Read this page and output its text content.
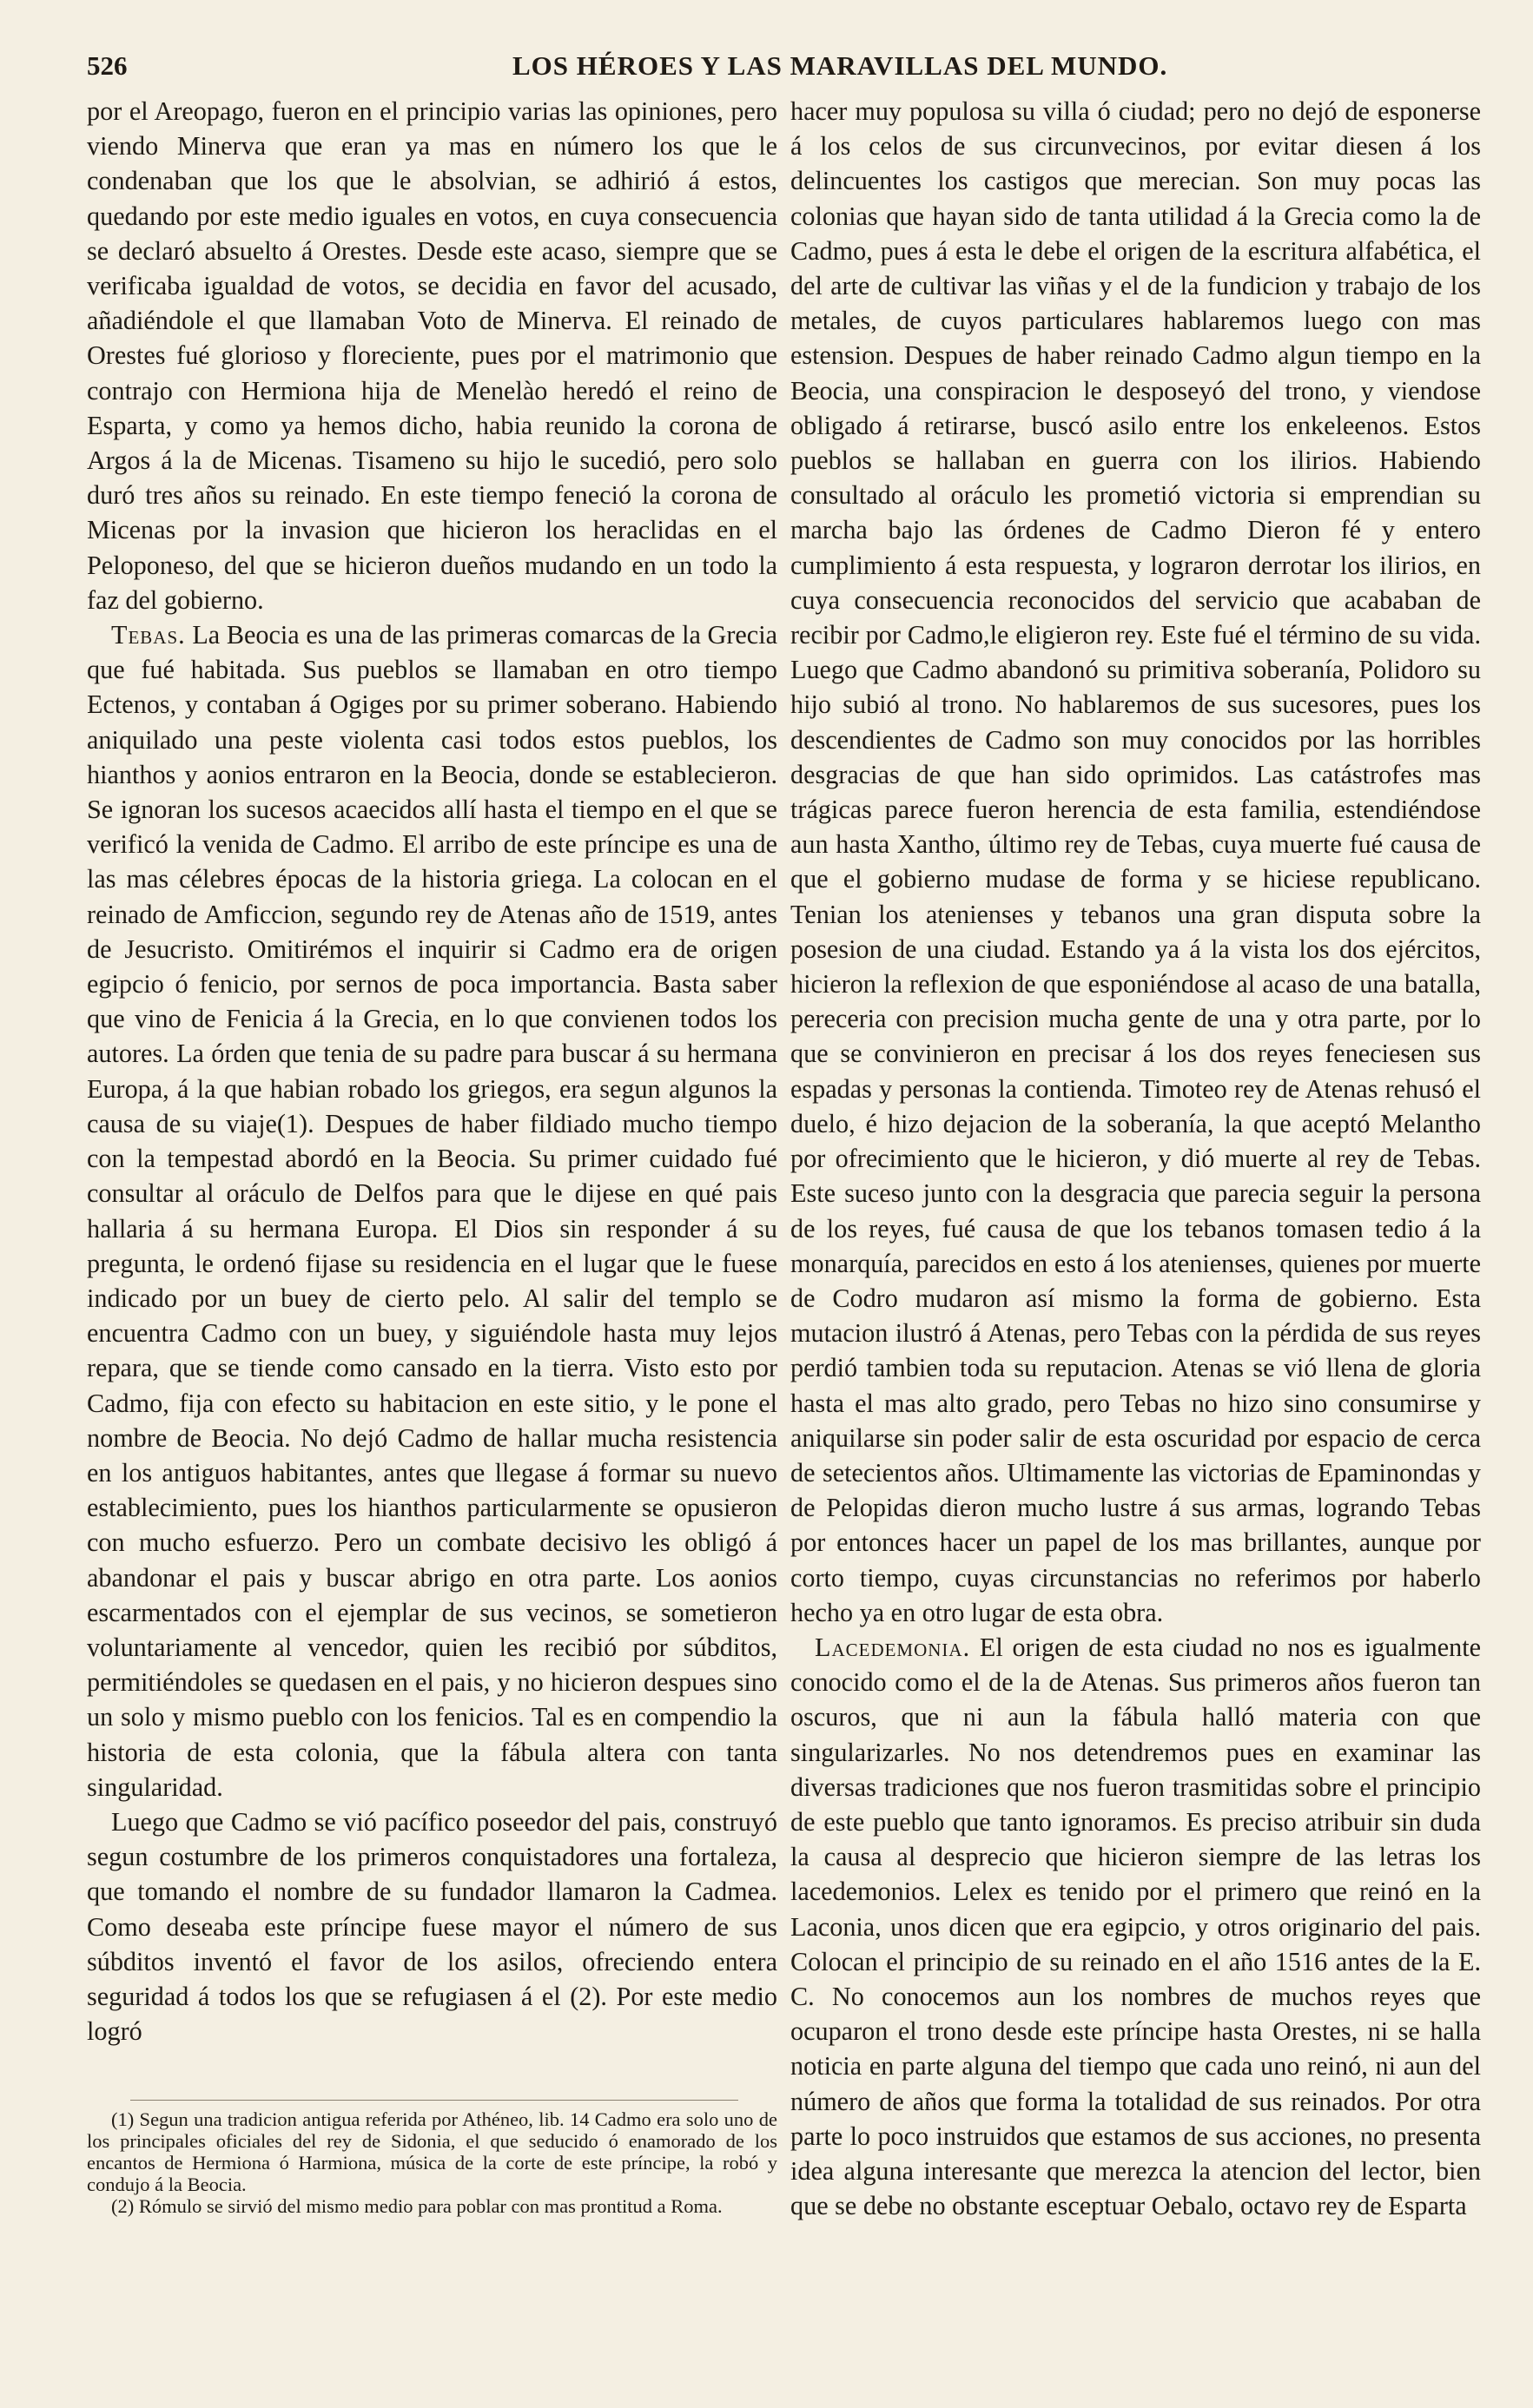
526	LOS HÉROES Y LAS MARAVILLAS DEL MUNDO.

por el Areopago, fueron en el principio varias las opiniones, pero viendo Minerva que eran ya mas en número los que le condenaban que los que le absolvian, se adhirió á estos, quedando por este medio iguales en votos, en cuya consecuencia se declaró absuelto á Orestes. Desde este acaso, siempre que se verificaba igualdad de votos, se decidia en favor del acusado, añadiéndole el que llamaban Voto de Minerva. El reinado de Orestes fué glorioso y floreciente, pues por el matrimonio que contrajo con Hermiona hija de Menelào heredó el reino de Esparta, y como ya hemos dicho, habia reunido la corona de Argos á la de Micenas. Tisameno su hijo le sucedió, pero solo duró tres años su reinado. En este tiempo feneció la corona de Micenas por la invasion que hicieron los heraclidas en el Peloponeso, del que se hicieron dueños mudando en un todo la faz del gobierno.

Tebas. La Beocia es una de las primeras comarcas de la Grecia que fué habitada. Sus pueblos se llamaban en otro tiempo Ectenos, y contaban á Ogiges por su primer soberano. Habiendo aniquilado una peste violenta casi todos estos pueblos, los hianthos y aonios entraron en la Beocia, donde se establecieron. Se ignoran los sucesos acaecidos allí hasta el tiempo en el que se verificó la venida de Cadmo. El arribo de este príncipe es una de las mas célebres épocas de la historia griega. La colocan en el reinado de Amficcion, segundo rey de Atenas año de 1519, antes de Jesucristo. Omitirémos el inquirir si Cadmo era de origen egipcio ó fenicio, por sernos de poca importancia. Basta saber que vino de Fenicia á la Grecia, en lo que convienen todos los autores. La órden que tenia de su padre para buscar á su hermana Europa, á la que habian robado los griegos, era segun algunos la causa de su viaje(1). Despues de haber fildiado mucho tiempo con la tempestad abordó en la Beocia. Su primer cuidado fué consultar al oráculo de Delfos para que le dijese en qué pais hallaria á su hermana Europa. El Dios sin responder á su pregunta, le ordenó fijase su residencia en el lugar que le fuese indicado por un buey de cierto pelo. Al salir del templo se encuentra Cadmo con un buey, y siguiéndole hasta muy lejos repara, que se tiende como cansado en la tierra. Visto esto por Cadmo, fija con efecto su habitacion en este sitio, y le pone el nombre de Beocia. No dejó Cadmo de hallar mucha resistencia en los antiguos habitantes, antes que llegase á formar su nuevo establecimiento, pues los hianthos particularmente se opusieron con mucho esfuerzo. Pero un combate decisivo les obligó á abandonar el pais y buscar abrigo en otra parte. Los aonios escarmentados con el ejemplar de sus vecinos, se sometieron voluntariamente al vencedor, quien les recibió por súbditos, permitiéndoles se quedasen en el pais, y no hicieron despues sino un solo y mismo pueblo con los fenicios. Tal es en compendio la historia de esta colonia, que la fábula altera con tanta singularidad.

Luego que Cadmo se vió pacífico poseedor del pais, construyó segun costumbre de los primeros conquistadores una fortaleza, que tomando el nombre de su fundador llamaron la Cadmea. Como deseaba este príncipe fuese mayor el número de sus súbditos inventó el favor de los asilos, ofreciendo entera seguridad á todos los que se refugiasen á el (2). Por este medio logró

(1) Segun una tradicion antigua referida por Athéneo, lib. 14 Cadmo era solo uno de los principales oficiales del rey de Sidonia, el que seducido ó enamorado de los encantos de Hermiona ó Harmiona, música de la corte de este príncipe, la robó y condujo á la Beocia.

(2) Rómulo se sirvió del mismo medio para poblar con mas prontitud a Roma.

hacer muy populosa su villa ó ciudad; pero no dejó de esponerse á los celos de sus circunvecinos, por evitar diesen á los delincuentes los castigos que merecian. Son muy pocas las colonias que hayan sido de tanta utilidad á la Grecia como la de Cadmo, pues á esta le debe el origen de la escritura alfabética, el del arte de cultivar las viñas y el de la fundicion y trabajo de los metales, de cuyos particulares hablaremos luego con mas estension. Despues de haber reinado Cadmo algun tiempo en la Beocia, una conspiracion le desposeyó del trono, y viendose obligado á retirarse, buscó asilo entre los enkeleenos. Estos pueblos se hallaban en guerra con los ilirios. Habiendo consultado al oráculo les prometió victoria si emprendian su marcha bajo las órdenes de Cadmo Dieron fé y entero cumplimiento á esta respuesta, y lograron derrotar los ilirios, en cuya consecuencia reconocidos del servicio que acababan de recibir por Cadmo,le eligieron rey. Este fué el término de su vida. Luego que Cadmo abandonó su primitiva soberanía, Polidoro su hijo subió al trono. No hablaremos de sus sucesores, pues los descendientes de Cadmo son muy conocidos por las horribles desgracias de que han sido oprimidos. Las catástrofes mas trágicas parece fueron herencia de esta familia, estendiéndose aun hasta Xantho, último rey de Tebas, cuya muerte fué causa de que el gobierno mudase de forma y se hiciese republicano. Tenian los atenienses y tebanos una gran disputa sobre la posesion de una ciudad. Estando ya á la vista los dos ejércitos, hicieron la reflexion de que esponiéndose al acaso de una batalla, pereceria con precision mucha gente de una y otra parte, por lo que se convinieron en precisar á los dos reyes feneciesen sus espadas y personas la contienda. Timoteo rey de Atenas rehusó el duelo, é hizo dejacion de la soberanía, la que aceptó Melantho por ofrecimiento que le hicieron, y dió muerte al rey de Tebas. Este suceso junto con la desgracia que parecia seguir la persona de los reyes, fué causa de que los tebanos tomasen tedio á la monarquía, parecidos en esto á los atenienses, quienes por muerte de Codro mudaron así mismo la forma de gobierno. Esta mutacion ilustró á Atenas, pero Tebas con la pérdida de sus reyes perdió tambien toda su reputacion. Atenas se vió llena de gloria hasta el mas alto grado, pero Tebas no hizo sino consumirse y aniquilarse sin poder salir de esta oscuridad por espacio de cerca de setecientos años. Ultimamente las victorias de Epaminondas y de Pelopidas dieron mucho lustre á sus armas, logrando Tebas por entonces hacer un papel de los mas brillantes, aunque por corto tiempo, cuyas circunstancias no referimos por haberlo hecho ya en otro lugar de esta obra.

Lacedemonia. El origen de esta ciudad no nos es igualmente conocido como el de la de Atenas. Sus primeros años fueron tan oscuros, que ni aun la fábula halló materia con que singularizarles. No nos detendremos pues en examinar las diversas tradiciones que nos fueron trasmitidas sobre el principio de este pueblo que tanto ignoramos. Es preciso atribuir sin duda la causa al desprecio que hicieron siempre de las letras los lacedemonios. Lelex es tenido por el primero que reinó en la Laconia, unos dicen que era egipcio, y otros originario del pais. Colocan el principio de su reinado en el año 1516 antes de la E. C. No conocemos aun los nombres de muchos reyes que ocuparon el trono desde este príncipe hasta Orestes, ni se halla noticia en parte alguna del tiempo que cada uno reinó, ni aun del número de años que forma la totalidad de sus reinados. Por otra parte lo poco instruidos que estamos de sus acciones, no presenta idea alguna interesante que merezca la atencion del lector, bien que se debe no obstante esceptuar Oebalo, octavo rey de Esparta
